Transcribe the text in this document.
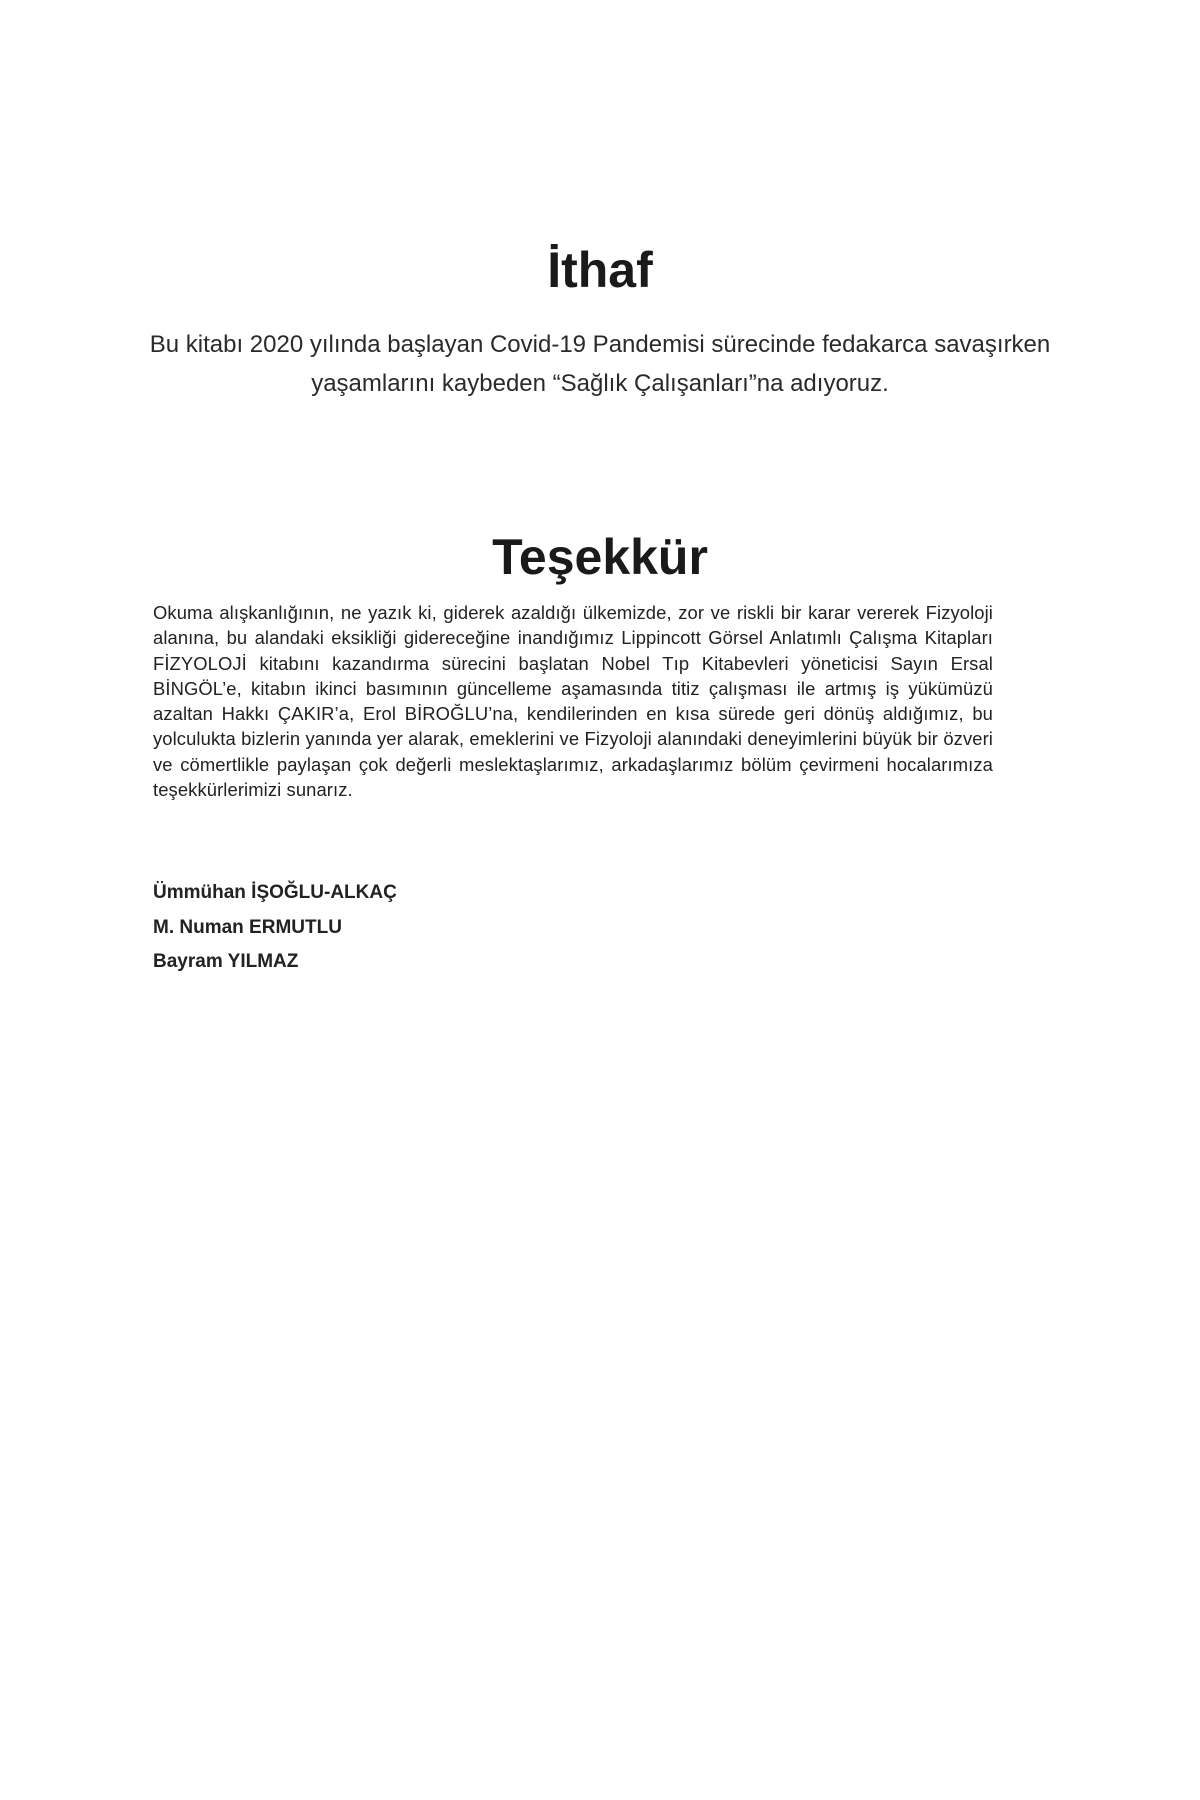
İthaf

Bu kitabı 2020 yılında başlayan Covid-19 Pandemisi sürecinde fedakarca savaşırken
yaşamlarını kaybeden “Sağlık Çalışanları”na adıyoruz.

Teşekkür

Okuma alışkanlığının, ne yazık ki, giderek azaldığı ülkemizde, zor ve riskli bir karar vererek Fizyoloji alanına, bu alandaki eksikliği gidereceğine inandığımız Lippincott Görsel Anlatımlı Çalışma Kitapları FİZYOLOJİ kitabını kazandırma sürecini başlatan Nobel Tıp Kitabevleri yöneticisi Sayın Ersal BİNGÖL’e, kitabın ikinci basımının güncelleme aşamasında titiz çalışması ile artmış iş yükümüzü azaltan Hakkı ÇAKIR’a, Erol BİROĞLU’na, kendilerinden en kısa sürede geri dönüş aldığımız, bu yolculukta bizlerin yanında yer alarak, emeklerini ve Fizyoloji alanındaki deneyimlerini büyük bir özveri ve cömertlikle paylaşan çok değerli meslektaşlarımız, arkadaşlarımız bölüm çevirmeni hocalarımıza teşekkürlerimizi sunarız.

Ümmühan İŞOĞLU-ALKAÇ
M. Numan ERMUTLU
Bayram YILMAZ
